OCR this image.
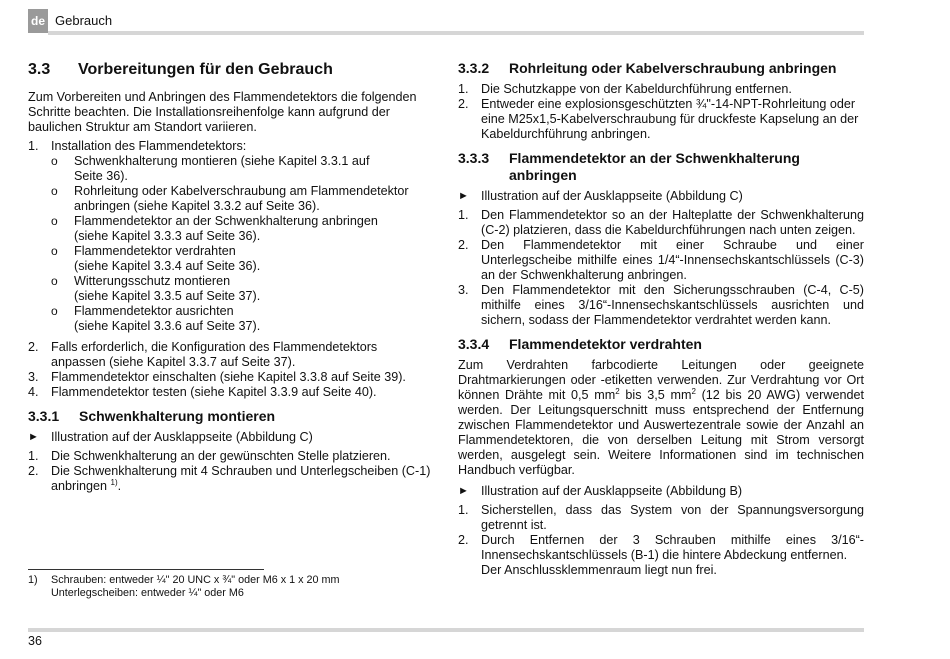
de Gebrauch
3.3	Vorbereitungen für den Gebrauch

Zum Vorbereiten und Anbringen des Flammendetektors die folgenden Schritte beachten. Die Installationsreihenfolge kann aufgrund der baulichen Struktur am Standort variieren.

1. Installation des Flammendetektors:
o	Schwenkhalterung montieren (siehe Kapitel 3.3.1 auf
Seite 36).
o	Rohrleitung oder Kabelverschraubung am Flammendetektor
anbringen (siehe Kapitel 3.3.2 auf Seite 36).
o	Flammendetektor an der Schwenkhalterung anbringen
(siehe Kapitel 3.3.3 auf Seite 36).
o	Flammendetektor verdrahten
(siehe Kapitel 3.3.4 auf Seite 36).
o	Witterungsschutz montieren
(siehe Kapitel 3.3.5 auf Seite 37).
o	Flammendetektor ausrichten
(siehe Kapitel 3.3.6 auf Seite 37).
2. Falls erforderlich, die Konfiguration des Flammendetektors anpassen (siehe Kapitel 3.3.7 auf Seite 37).
3. Flammendetektor einschalten (siehe Kapitel 3.3.8 auf Seite 39).
4. Flammendetektor testen (siehe Kapitel 3.3.9 auf Seite 40).
3.3.1	Schwenkhalterung montieren
► Illustration auf der Ausklappseite (Abbildung C)
1. Die Schwenkhalterung an der gewünschten Stelle platzieren.
2. Die Schwenkhalterung mit 4 Schrauben und Unterlegscheiben (C-1) anbringen $^{1)}$.
1)	Schrauben: entweder ¼" 20 UNC x ¾" oder M6 x 1 x 20 mm
Unterlegscheiben: entweder ¼" oder M6
3.3.2	Rohrleitung oder Kabelverschraubung anbringen
1. Die Schutzkappe von der Kabeldurchführung entfernen.
2. Entweder eine explosionsgeschützten ¾"-14-NPT-Rohrleitung oder eine M25x1,5-Kabelverschraubung für druckfeste Kapselung an der Kabeldurchführung anbringen.
3.3.3	Flammendetektor an der Schwenkhalterung anbringen
► Illustration auf der Ausklappseite (Abbildung C)
1. Den Flammendetektor so an der Halteplatte der Schwenkhalterung (C-2) platzieren, dass die Kabeldurchführungen nach unten zeigen.
2. Den Flammendetektor mit einer Schraube und einer Unterlegscheibe mithilfe eines 1/4“-Innensechskantschlüssels (C-3) an der Schwenkhalterung anbringen.
3. Den Flammendetektor mit den Sicherungsschrauben (C-4, C-5) mithilfe eines 3/16“-Innensechskantschlüssels ausrichten und sichern, sodass der Flammendetektor verdrahtet werden kann.
3.3.4	Flammendetektor verdrahten

Zum Verdrahten farbcodierte Leitungen oder geeignete Drahtmarkierungen oder -etiketten verwenden. Zur Verdrahtung vor Ort können Drähte mit 0,5 $mm^2$ bis 3,5 $mm^2$ (12 bis 20 AWG) verwendet werden. Der Leitungsquerschnitt muss entsprechend der Entfernung zwischen Flammendetektor und Auswertezentrale sowie der Anzahl an Flammendetektoren, die von derselben Leitung mit Strom versorgt werden, ausgelegt sein. Weitere Informationen sind im technischen Handbuch verfügbar.

► Illustration auf der Ausklappseite (Abbildung B)
1. Sicherstellen, dass das System von der Spannungsversorgung getrennt ist.
2. Durch Entfernen der 3 Schrauben mithilfe eines 3/16“-Innensechskantschlüssels (B-1) die hintere Abdeckung entfernen.
Der Anschlussklemmenraum liegt nun frei.
36
